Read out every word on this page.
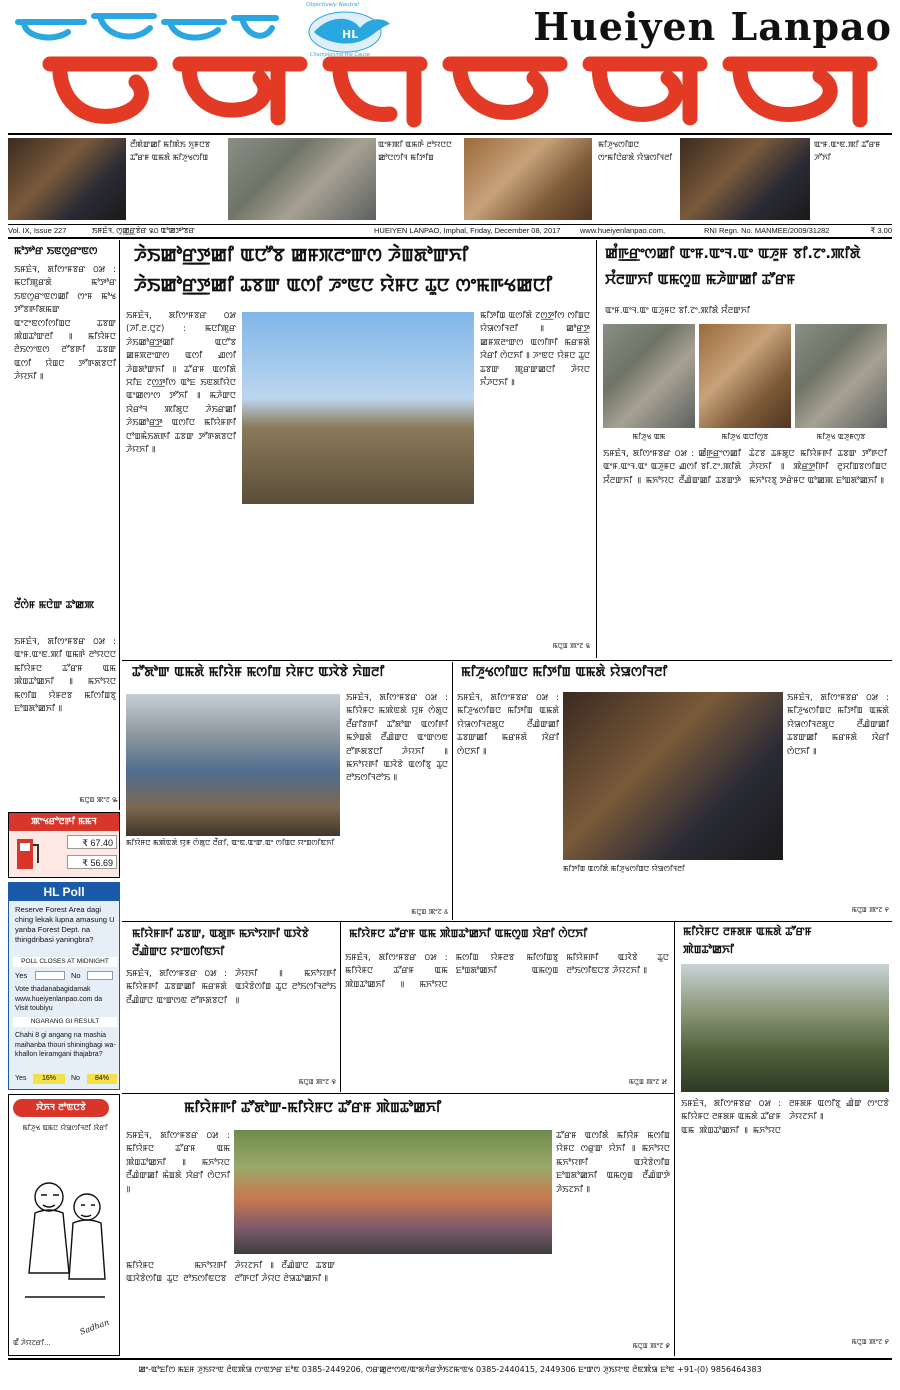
HL
Objectively Neutral
Championing the Cause
Hueiyen Lanpao
ꯂꯩꯄꯥꯛꯀꯤ ꯃꯤꯄꯥꯏ ꯈꯨꯝꯅꯕ ꯊꯧꯔꯝ ꯑꯃꯗꯥ ꯃꯤꯍꯨꯠꯁꯤꯡ
ꯑꯦꯝꯄꯤ ꯑꯃꯒꯥ ꯂꯣꯌꯅꯅ ꯀꯣꯅꯁꯤꯜ ꯃꯤꯇꯤꯡ
ꯃꯤꯍꯨꯠꯁꯤꯡꯅ ꯁꯦꯃꯤꯅꯥꯔꯗꯥ ꯌꯥꯎꯁꯤꯜꯂꯤ
ꯑꯦꯝ.ꯑꯦꯟ.ꯄꯤ ꯊꯧꯔꯝ ꯍꯧꯈꯤ
Vol. IX, Issue 227	ꯏꯝꯐꯥꯜ, ꯁꯨꯀ꯭ꯔꯕꯥꯔ ꯲꯰ ꯑꯣꯀꯇꯣꯕꯔ	HUEIYEN LANPAO, Imphal, Friday, December 08, 2017	www.hueiyenlanpao.com,	RNI Regn. No. MANMEE/2009/31282	₹ 3.00
ꯃꯣꯇꯣꯔ ꯏꯟꯁꯨꯔꯦꯟꯁ
ꯏꯝꯐꯥꯜ, ꯗꯤꯁꯦꯝꯕꯔ ꯰꯷ : ꯃꯅꯤꯄꯨꯔꯗꯥ ꯃꯣꯇꯣꯔ ꯏꯟꯁꯨꯔꯦꯟꯁꯀꯤ ꯁꯦꯝ ꯃꯣꯠ ꯇꯧꯕꯒꯤꯗꯃꯛ ꯑꯦꯖꯦꯟꯁꯤꯁꯤꯡꯅ ꯊꯕꯛ ꯄꯥꯡꯊꯣꯛꯂꯤ ꯫ ꯃꯤꯌꯥꯝꯅ ꯂꯥꯏꯁꯦꯟꯁ ꯂꯧꯕꯒꯤ ꯊꯕꯛ ꯑꯁꯤ ꯌꯥꯡꯅ ꯇꯧꯒꯗꯕꯅꯤ ꯍꯥꯌꯈꯤ ꯫
ꯂꯩꯁꯥꯝ ꯃꯅꯥꯛ ꯊꯣꯀꯄ
ꯏꯝꯐꯥꯜ, ꯗꯤꯁꯦꯝꯕꯔ ꯰꯷ : ꯑꯦꯝ.ꯑꯦꯟ.ꯄꯤ ꯑꯃꯒꯥ ꯂꯣꯌꯅꯅ ꯃꯤꯌꯥꯝꯅ ꯊꯧꯔꯝ ꯑꯃ ꯄꯥꯡꯊꯣꯀꯈꯤ ꯫ ꯃꯈꯣꯌꯅ ꯃꯁꯤꯡ ꯌꯥꯝꯂꯕ ꯃꯤꯁꯤꯡꯕꯨ ꯐꯣꯡꯗꯣꯀꯈꯤ ꯫
ꯃꯅꯨꯡ ꯄꯦꯖ ꯳
ꯍꯥꯏꯀꯣꯔ꯭ꯇꯀꯤ ꯑꯅꯧꯕ ꯀꯝꯞꯂꯦꯛꯁ ꯍꯥꯡꯗꯣꯛꯈꯤ
ꯍꯥꯏꯀꯣꯔ꯭ꯇꯀꯤ ꯊꯕꯛ ꯑꯁꯤ ꯍꯦꯟꯅ ꯌꯥꯝꯅ ꯊꯨꯅ ꯁꯦꯃꯒꯠꯀꯅꯤ
ꯏꯝꯐꯥꯜ, ꯗꯤꯁꯦꯝꯕꯔ ꯰꯷ (ꯍꯤ.ꯂ.ꯅꯨꯖ) : ꯃꯅꯤꯄꯨꯔ ꯍꯥꯏꯀꯣꯔ꯭ꯇꯀꯤ ꯑꯅꯧꯕ ꯀꯝꯞꯂꯦꯛꯁ ꯑꯁꯤ ꯉꯁꯤ ꯍꯥꯡꯗꯣꯛꯈꯤ ꯫ ꯊꯧꯔꯝ ꯑꯁꯤꯗꯥ ꯆꯤꯐ ꯖꯁ꯭ꯇꯤꯁ ꯑꯣꯐ ꯏꯟꯗꯤꯌꯥꯅ ꯑꯦꯀꯁꯦꯁ ꯇꯧꯈꯤ ꯫ ꯃꯍꯥꯛꯅ ꯋꯥꯔꯣꯜ ꯄꯤꯗꯨꯅ ꯍꯥꯏꯔꯀꯤ ꯍꯥꯏꯀꯣꯔ꯭ꯇ ꯑꯁꯤꯅ ꯃꯤꯌꯥꯝꯒꯤ ꯅꯣꯡꯃꯥꯏꯗꯒꯤ ꯊꯕꯛ ꯇꯧꯒꯗꯕꯅꯤ ꯍꯥꯌꯈꯤ ꯫
ꯃꯤꯇꯤꯡ ꯑꯁꯤꯗꯥ ꯖꯁ꯭ꯇꯤꯁ ꯁꯤꯡꯅ ꯌꯥꯎꯁꯤꯜꯂꯤ ꯫ ꯀꯣꯔ꯭ꯇ ꯀꯝꯞꯂꯦꯛꯁ ꯑꯁꯤꯒꯤ ꯃꯔꯝꯗꯥ ꯋꯥꯔꯤ ꯁꯥꯅꯈꯤ ꯫ ꯍꯦꯟꯅ ꯌꯥꯝꯅ ꯊꯨꯅ ꯊꯕꯛ ꯄꯨꯔꯛꯀꯅꯤ ꯍꯥꯌꯅ ꯈꯪꯍꯅꯈꯤ ꯫
ꯃꯅꯨꯡ ꯄꯦꯖ ꯲
ꯀꯪꯒ꯭ꯔꯦꯁꯀꯤ ꯑꯦꯝ.ꯑꯦꯜ.ꯑꯦ ꯑꯍꯨꯝ ꯕꯤ.ꯖꯦ.ꯄꯤꯗꯥ
ꯆꯪꯂꯛꯈꯤ ꯑꯃꯁꯨꯡ ꯃꯍꯥꯛꯀꯤ ꯊꯧꯔꯝ
ꯑꯦꯝ.ꯑꯦꯜ.ꯑꯦ ꯑꯍꯨꯝꯅ ꯕꯤ.ꯖꯦ.ꯄꯤꯗꯥ ꯆꯪꯂꯛꯈꯤ
ꯃꯤꯍꯨꯠ ꯑꯃ	ꯃꯤꯍꯨꯠ ꯑꯅꯤꯁꯨꯕ	ꯃꯤꯍꯨꯠ ꯑꯍꯨꯝꯁꯨꯕ
ꯏꯝꯐꯥꯜ, ꯗꯤꯁꯦꯝꯕꯔ ꯰꯷ : ꯀꯪꯒ꯭ꯔꯦꯁꯀꯤ ꯑꯦꯝ.ꯑꯦꯜ.ꯑꯦ ꯑꯍꯨꯝꯅ ꯉꯁꯤ ꯕꯤ.ꯖꯦ.ꯄꯤꯗꯥ ꯆꯪꯂꯛꯈꯤ ꯫ ꯃꯈꯣꯌꯅ ꯂꯩꯉꯥꯛꯀꯤ ꯊꯕꯛꯇꯥ ꯊꯥꯖꯕ ꯊꯝꯗꯨꯅ ꯃꯤꯌꯥꯝꯒꯤ ꯊꯕꯛ ꯇꯧꯒꯅꯤ ꯍꯥꯌꯈꯤ ꯫ ꯄꯥꯔ꯭ꯇꯤꯒꯤ ꯂꯨꯆꯤꯡꯕꯁꯤꯡꯅ ꯃꯈꯣꯌꯕꯨ ꯇꯔꯥꯝꯅ ꯑꯣꯀꯄ ꯐꯣꯡꯗꯣꯀꯈꯤ ꯫
ꯊꯧꯗꯣꯛ ꯑꯃꯗꯥ ꯃꯤꯌꯥꯝ ꯃꯁꯤꯡ ꯌꯥꯝꯅ ꯑꯋꯥꯕꯥ ꯈꯥꯡꯂꯤ
ꯏꯝꯐꯥꯜ, ꯗꯤꯁꯦꯝꯕꯔ ꯰꯷ : ꯃꯤꯌꯥꯝꯅ ꯃꯄꯥꯟꯗꯥ ꯌꯨꯝ ꯁꯥꯗꯨꯅ ꯂꯩꯔꯤꯕꯒꯤ ꯊꯧꯗꯣꯛ ꯑꯁꯤꯒꯤ ꯃꯇꯥꯡꯗꯥ ꯂꯩꯉꯥꯛꯅ ꯑꯦꯛꯁꯟ ꯂꯧꯒꯗꯕꯅꯤ ꯍꯥꯌꯈꯤ ꯫ ꯃꯈꯣꯌꯒꯤ ꯑꯋꯥꯕꯥ ꯑꯁꯤꯕꯨ ꯊꯨꯅ ꯂꯣꯏꯁꯤꯜꯂꯣꯏ ꯫
ꯃꯤꯌꯥꯝꯅ ꯃꯄꯥꯟꯗꯥ ꯌꯨꯝ ꯁꯥꯗꯨꯅ ꯂꯩꯔꯤ, ꯑꯦꯟ.ꯑꯦꯛ.ꯑꯦ ꯁꯤꯡꯅ ꯌꯦꯡꯁꯤꯟꯈꯤ
ꯃꯅꯨꯡ ꯄꯦꯖ ꯴
ꯃꯤꯍꯨꯠꯁꯤꯡꯅ ꯃꯤꯇꯤꯡ ꯑꯃꯗꯥ ꯌꯥꯎꯁꯤꯜꯂꯤ
ꯏꯝꯐꯥꯜ, ꯗꯤꯁꯦꯝꯕꯔ ꯰꯷ : ꯃꯤꯍꯨꯠꯁꯤꯡꯅ ꯃꯤꯇꯤꯡ ꯑꯃꯗꯥ ꯌꯥꯎꯁꯤꯜꯂꯗꯨꯅ ꯂꯩꯉꯥꯛꯀꯤ ꯊꯕꯛꯀꯤ ꯃꯔꯝꯗꯥ ꯋꯥꯔꯤ ꯁꯥꯅꯈꯤ ꯫
ꯃꯤꯇꯤꯡ ꯑꯁꯤꯗꯥ ꯃꯤꯍꯨꯠꯁꯤꯡꯅ ꯌꯥꯎꯁꯤꯜꯂꯤ
ꯏꯝꯐꯥꯜ, ꯗꯤꯁꯦꯝꯕꯔ ꯰꯷ : ꯃꯤꯍꯨꯠꯁꯤꯡꯅ ꯃꯤꯇꯤꯡ ꯑꯃꯗꯥ ꯌꯥꯎꯁꯤꯜꯂꯗꯨꯅ ꯂꯩꯉꯥꯛꯀꯤ ꯊꯕꯛꯀꯤ ꯃꯔꯝꯗꯥ ꯋꯥꯔꯤ ꯁꯥꯅꯈꯤ ꯫
ꯃꯅꯨꯡ ꯄꯦꯖ ꯵
ꯄꯦꯠꯔꯣꯂꯒꯤ ꯃꯃꯜ
₹ 67.40
₹ 56.69
HL Poll
Reserve Forest Area dagi ching lekak lupna amasung U yanba Forest Dept. na thingdribasi yaningbra?
POLL CLOSES AT MIDNIGHT
Yes	No
Vote thadanabagidamak www.hueiyenlanpao.com da Visit toubiyu
NGARANG GI RESULT
Chahi 8 gi angang na mashia maihanba thouri shiningbagi wa-khallon leiramgani thajabra?
Yes	16%	No	84%
ꯋꯥꯈꯜ ꯂꯣꯟꯅꯕꯥ
ꯃꯤꯍꯨꯠ ꯑꯃꯅ ꯌꯥꯎꯁꯤꯜꯂꯤ ꯋꯥꯔꯤ
Sadhan
ꯑꯩ ꯍꯥꯌꯖꯔꯤ...
ꯃꯤꯌꯥꯝꯒꯤ ꯊꯕꯛ, ꯑꯗꯨꯒ ꯃꯈꯣꯌꯒꯤ ꯑꯋꯥꯕꯥ
ꯂꯩꯉꯥꯛꯅ ꯌꯦꯡꯁꯤꯟꯈꯤ
ꯏꯝꯐꯥꯜ, ꯗꯤꯁꯦꯝꯕꯔ ꯰꯷ : ꯃꯤꯌꯥꯝꯒꯤ ꯊꯕꯛꯀꯤ ꯃꯔꯝꯗꯥ ꯂꯩꯉꯥꯛꯅ ꯑꯦꯛꯁꯟ ꯂꯧꯒꯗꯕꯅꯤ ꯍꯥꯌꯈꯤ ꯫ ꯃꯈꯣꯌꯒꯤ ꯑꯋꯥꯕꯥꯁꯤꯡ ꯊꯨꯅ ꯂꯣꯏꯁꯤꯜꯂꯣꯏ ꯫
ꯃꯅꯨꯡ ꯄꯦꯖ ꯶
ꯃꯤꯌꯥꯝꯅ ꯊꯧꯔꯝ ꯑꯃ ꯄꯥꯡꯊꯣꯀꯈꯤ ꯑꯃꯁꯨꯡ ꯋꯥꯔꯤ ꯁꯥꯅꯈꯤ
ꯏꯝꯐꯥꯜ, ꯗꯤꯁꯦꯝꯕꯔ ꯰꯷ : ꯃꯤꯌꯥꯝꯅ ꯊꯧꯔꯝ ꯑꯃ ꯄꯥꯡꯊꯣꯀꯈꯤ ꯫ ꯃꯈꯣꯌꯅ ꯃꯁꯤꯡ ꯌꯥꯝꯂꯕ ꯃꯤꯁꯤꯡꯕꯨ ꯐꯣꯡꯗꯣꯀꯈꯤ ꯑꯃꯁꯨꯡ ꯃꯤꯌꯥꯝꯒꯤ ꯑꯋꯥꯕꯥ ꯊꯨꯅ ꯂꯣꯏꯁꯤꯟꯅꯕ ꯍꯥꯌꯖꯈꯤ ꯫
ꯃꯅꯨꯡ ꯄꯦꯖ ꯷
ꯃꯤꯌꯥꯝꯅ ꯂꯝꯗꯝ ꯑꯃꯗꯥ ꯊꯧꯔꯝ
ꯄꯥꯡꯊꯣꯀꯈꯤ
ꯏꯝꯐꯥꯜ, ꯗꯤꯁꯦꯝꯕꯔ ꯰꯷ : ꯃꯤꯌꯥꯝꯅ ꯂꯝꯗꯝ ꯑꯃꯗꯥ ꯊꯧꯔꯝ ꯑꯃ ꯄꯥꯡꯊꯣꯀꯈꯤ ꯫ ꯃꯈꯣꯌꯅ ꯂꯝꯗꯝ ꯑꯁꯤꯕꯨ ꯉꯥꯛ ꯁꯦꯅꯕꯥ ꯍꯥꯌꯖꯈꯤ ꯫
ꯃꯅꯨꯡ ꯄꯦꯖ ꯸
ꯃꯤꯌꯥꯝꯒꯤ ꯊꯧꯗꯣꯛ-ꯃꯤꯌꯥꯝꯅ ꯊꯧꯔꯝ ꯄꯥꯡꯊꯣꯀꯈꯤ
ꯏꯝꯐꯥꯜ, ꯗꯤꯁꯦꯝꯕꯔ ꯰꯷ : ꯃꯤꯌꯥꯝꯅ ꯊꯧꯔꯝ ꯑꯃ ꯄꯥꯡꯊꯣꯀꯈꯤ ꯫ ꯃꯈꯣꯌꯅ ꯂꯩꯉꯥꯛꯀꯤ ꯃꯥꯡꯗꯥ ꯋꯥꯔꯤ ꯁꯥꯅꯈꯤ ꯫
ꯊꯧꯔꯝ ꯑꯁꯤꯗꯥ ꯃꯤꯌꯥꯝ ꯃꯁꯤꯡ ꯌꯥꯝꯅ ꯁꯔꯨꯛ ꯌꯥꯈꯤ ꯫ ꯃꯈꯣꯌꯅ ꯃꯈꯣꯌꯒꯤ ꯑꯋꯥꯕꯥꯁꯤꯡ ꯐꯣꯡꯗꯣꯀꯈꯤ ꯑꯃꯁꯨꯡ ꯂꯩꯉꯥꯛꯇꯥ ꯍꯥꯏꯖꯈꯤ ꯫
ꯃꯤꯌꯥꯝꯅ ꯃꯈꯣꯌꯒꯤ ꯑꯋꯥꯕꯥꯁꯤꯡ ꯊꯨꯅ ꯂꯣꯏꯁꯤꯟꯅꯕ ꯍꯥꯌꯖꯈꯤ ꯫ ꯂꯩꯉꯥꯛꯅ ꯊꯕꯛ ꯂꯧꯒꯅꯤ ꯍꯥꯌꯅ ꯂꯥꯎꯊꯣꯀꯈꯤ ꯫
ꯃꯅꯨꯡ ꯄꯦꯖ ꯹
ꯀꯦ-ꯑꯣꯐꯤꯁ ꯃꯐꯝ ꯍꯨꯏꯌꯦꯟ ꯂꯥꯟꯄꯥꯎ ꯁꯦꯟꯇꯔ ꯐꯣꯟ 0385-2449206, ꯁꯔꯀꯨꯂꯦꯁꯟ/ꯑꯦꯗꯚꯥꯔꯇꯥꯏꯖꯃꯦꯟꯠ 0385-2440415, 2449306 ꯐꯦꯛꯁ ꯍꯨꯏꯌꯦꯟ ꯂꯥꯟꯄꯥꯎ ꯐꯣꯟ +91-(0) 9856464383
